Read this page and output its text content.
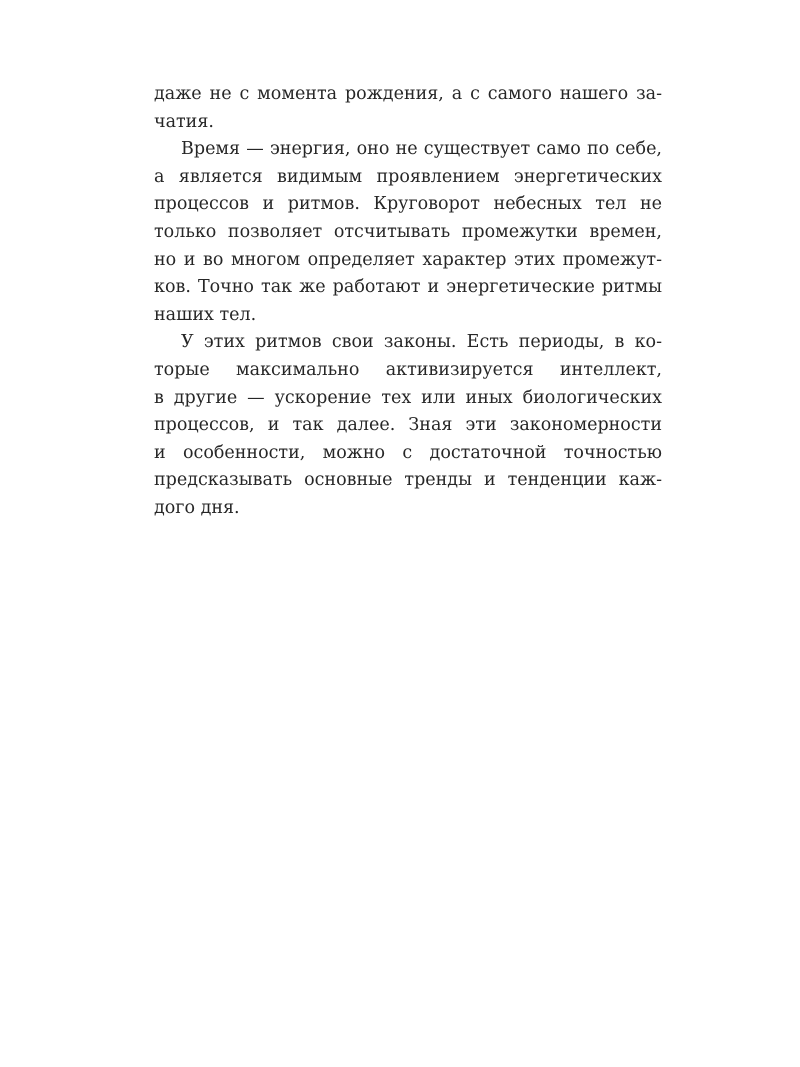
даже не с момента рождения, а с самого нашего за-
чатия.
Время — энергия, оно не существует само по себе,
а является видимым проявлением энергетических
процессов и ритмов. Круговорот небесных тел не
только позволяет отсчитывать промежутки времен,
но и во многом определяет характер этих промежут-
ков. Точно так же работают и энергетические ритмы
наших тел.
У этих ритмов свои законы. Есть периоды, в ко-
торые максимально активизируется интеллект,
в другие — ускорение тех или иных биологических
процессов, и так далее. Зная эти закономерности
и особенности, можно с достаточной точностью
предсказывать основные тренды и тенденции каж-
дого дня.
